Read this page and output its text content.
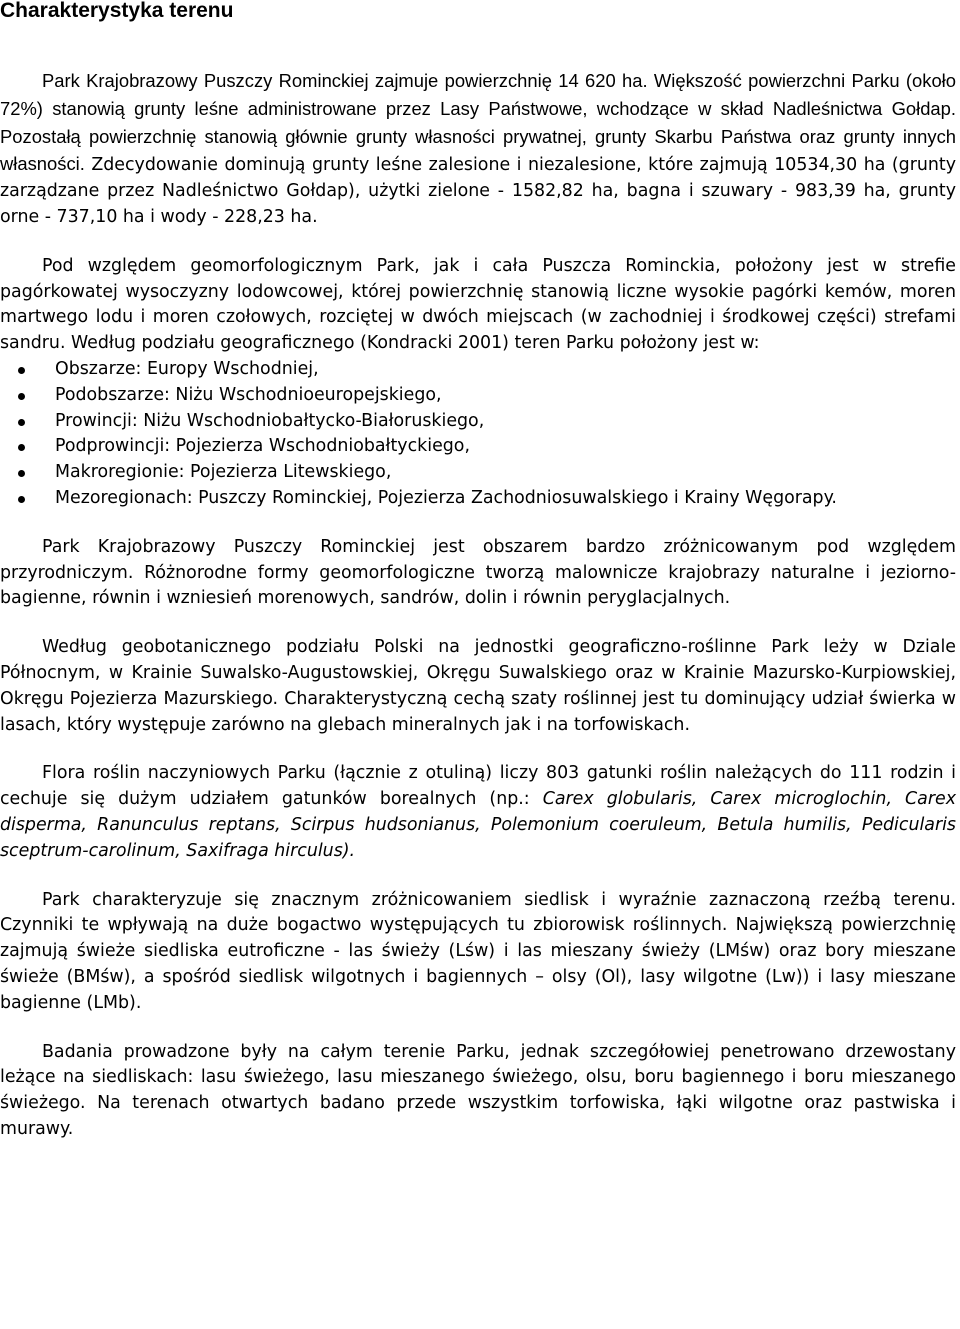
Charakterystyka terenu

Park Krajobrazowy Puszczy Rominckiej zajmuje powierzchnię 14 620 ha. Większość powierzchni Parku (około 72%) stanowią grunty leśne administrowane przez Lasy Państwowe, wchodzące w skład Nadleśnictwa Gołdap. Pozostałą powierzchnię stanowią głównie grunty własności prywatnej, grunty Skarbu Państwa oraz grunty innych własności. Zdecydowanie dominują grunty leśne zalesione i niezalesione, które zajmują 10534,30 ha (grunty zarządzane przez Nadleśnictwo Gołdap), użytki zielone - 1582,82 ha, bagna i szuwary - 983,39 ha, grunty orne - 737,10 ha i wody - 228,23 ha.

Pod względem geomorfologicznym Park, jak i cała Puszcza Rominckia, położony jest w strefie pagórkowatej wysoczyzny lodowcowej, której powierzchnię stanowią liczne wysokie pagórki kemów, moren martwego lodu i moren czołowych, rozciętej w dwóch miejscach (w zachodniej i środkowej części) strefami sandru. Według podziału geograficznego (Kondracki 2001) teren Parku położony jest w:

Obszarze: Europy Wschodniej,
Podobszarze: Niżu Wschodnioeuropejskiego,
Prowincji: Niżu Wschodniobałtycko-Białoruskiego,
Podprowincji: Pojezierza Wschodniobałtyckiego,
Makroregionie: Pojezierza Litewskiego,
Mezoregionach: Puszczy Rominckiej, Pojezierza Zachodniosuwalskiego i Krainy Węgorapy.

Park Krajobrazowy Puszczy Rominckiej jest obszarem bardzo zróżnicowanym pod względem przyrodniczym. Różnorodne formy geomorfologiczne tworzą malownicze krajobrazy naturalne i jeziorno-bagienne, równin i wzniesień morenowych, sandrów, dolin i równin peryglacjalnych.

Według geobotanicznego podziału Polski na jednostki geograficzno-roślinne Park leży w Dziale Północnym, w Krainie Suwalsko-Augustowskiej, Okręgu Suwalskiego oraz w Krainie Mazursko-Kurpiowskiej, Okręgu Pojezierza Mazurskiego. Charakterystyczną cechą szaty roślinnej jest tu dominujący udział świerka w lasach, który występuje zarówno na glebach mineralnych jak i na torfowiskach.

Flora roślin naczyniowych Parku (łącznie z otuliną) liczy 803 gatunki roślin należących do 111 rodzin i cechuje się dużym udziałem gatunków borealnych (np.: Carex globularis, Carex microglochin, Carex disperma, Ranunculus reptans, Scirpus hudsonianus, Polemonium coeruleum, Betula humilis, Pedicularis sceptrum-carolinum, Saxifraga hirculus).

Park charakteryzuje się znacznym zróżnicowaniem siedlisk i wyraźnie zaznaczoną rzeźbą terenu. Czynniki te wpływają na duże bogactwo występujących tu zbiorowisk roślinnych. Największą powierzchnię zajmują świeże siedliska eutroficzne - las świeży (Lśw) i las mieszany świeży (LMśw) oraz bory mieszane świeże (BMśw), a spośród siedlisk wilgotnych i bagiennych – olsy (Ol), lasy wilgotne (Lw)) i lasy mieszane bagienne (LMb).

Badania prowadzone były na całym terenie Parku, jednak szczegółowiej penetrowano drzewostany leżące na siedliskach: lasu świeżego, lasu mieszanego świeżego, olsu, boru bagiennego i boru mieszanego świeżego. Na terenach otwartych badano przede wszystkim torfowiska, łąki wilgotne oraz pastwiska i murawy.
